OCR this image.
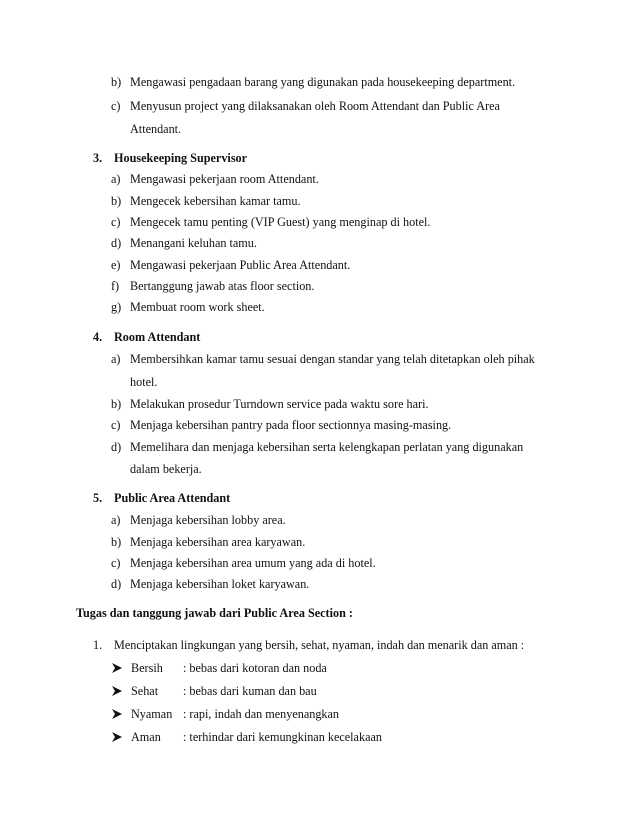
b) Mengawasi pengadaan barang yang digunakan pada housekeeping department.
c) Menyusun project yang dilaksanakan oleh Room Attendant dan Public Area
Attendant.
3. Housekeeping Supervisor
a) Mengawasi pekerjaan room Attendant.
b) Mengecek kebersihan kamar tamu.
c) Mengecek tamu penting (VIP Guest) yang menginap di hotel.
d) Menangani keluhan tamu.
e) Mengawasi pekerjaan Public Area Attendant.
f) Bertanggung jawab atas floor section.
g) Membuat room work sheet.
4. Room Attendant
a) Membersihkan kamar tamu sesuai dengan standar yang telah ditetapkan oleh pihak
hotel.
b) Melakukan prosedur Turndown service pada waktu sore hari.
c) Menjaga kebersihan pantry pada floor sectionnya masing-masing.
d) Memelihara dan menjaga kebersihan serta kelengkapan perlatan yang digunakan
dalam bekerja.
5. Public Area Attendant
a) Menjaga kebersihan lobby area.
b) Menjaga kebersihan area karyawan.
c) Menjaga kebersihan area umum yang ada di hotel.
d) Menjaga kebersihan loket karyawan.
Tugas dan tanggung jawab dari Public Area Section :
1. Menciptakan lingkungan yang bersih, sehat, nyaman, indah dan menarik dan aman :
Bersih : bebas dari kotoran dan noda
Sehat : bebas dari kuman dan bau
Nyaman : rapi, indah dan menyenangkan
Aman : terhindar dari kemungkinan kecelakaan
